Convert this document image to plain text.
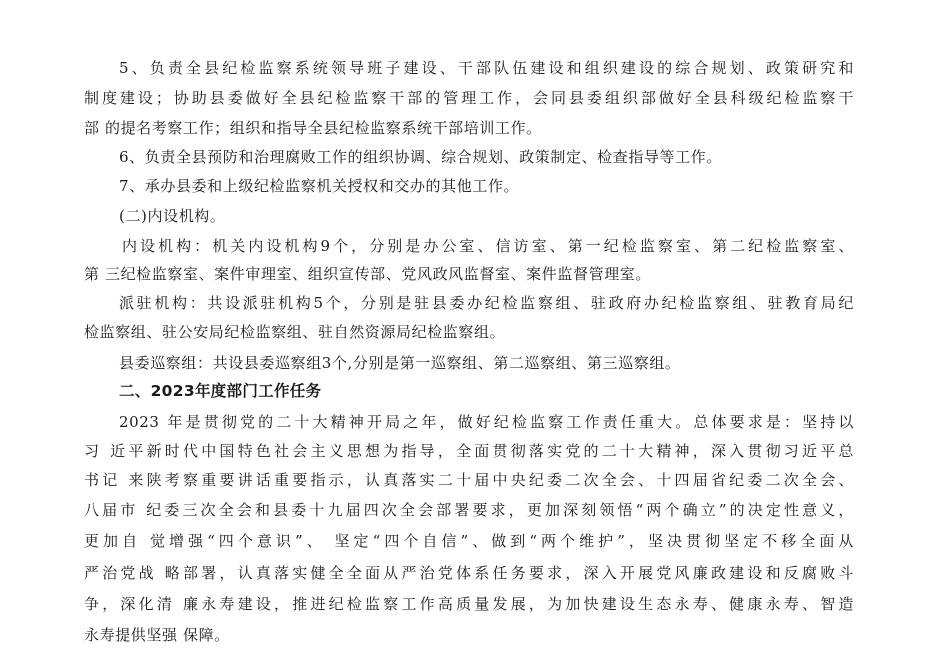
5、负责全县纪检监察系统领导班子建设、干部队伍建设和组织建设的综合规划、政策研究和
制度建设；协助县委做好全县纪检监察干部的管理工作，会同县委组织部做好全县科级纪检监察干
部 的提名考察工作；组织和指导全县纪检监察系统干部培训工作。
6、负责全县预防和治理腐败工作的组织协调、综合规划、政策制定、检查指导等工作。
7、承办县委和上级纪检监察机关授权和交办的其他工作。
(二)内设机构。
内设机构：机关内设机构9个，分别是办公室、信访室、第一纪检监察室、第二纪检监察室、
第 三纪检监察室、案件审理室、组织宣传部、党风政风监督室、案件监督管理室。
派驻机构：共设派驻机构5个，分别是驻县委办纪检监察组、驻政府办纪检监察组、驻教育局纪
检监察组、驻公安局纪检监察组、驻自然资源局纪检监察组。
县委巡察组：共设县委巡察组3个,分别是第一巡察组、第二巡察组、第三巡察组。
二、2023年度部门工作任务
2023 年是贯彻党的二十大精神开局之年，做好纪检监察工作责任重大。总体要求是：坚持以
习 近平新时代中国特色社会主义思想为指导，全面贯彻落实党的二十大精神，深入贯彻习近平总
书记 来陕考察重要讲话重要指示，认真落实二十届中央纪委二次全会、十四届省纪委二次全会、
八届市 纪委三次全会和县委十九届四次全会部署要求，更加深刻领悟“两个确立”的决定性意义，
更加自 觉增强“四个意识”、 坚定“四个自信”、做到“两个维护”，坚决贯彻坚定不移全面从
严治党战 略部署，认真落实健全全面从严治党体系任务要求，深入开展党风廉政建设和反腐败斗
争，深化清 廉永寿建设，推进纪检监察工作高质量发展，为加快建设生态永寿、健康永寿、智造
永寿提供坚强 保障。
